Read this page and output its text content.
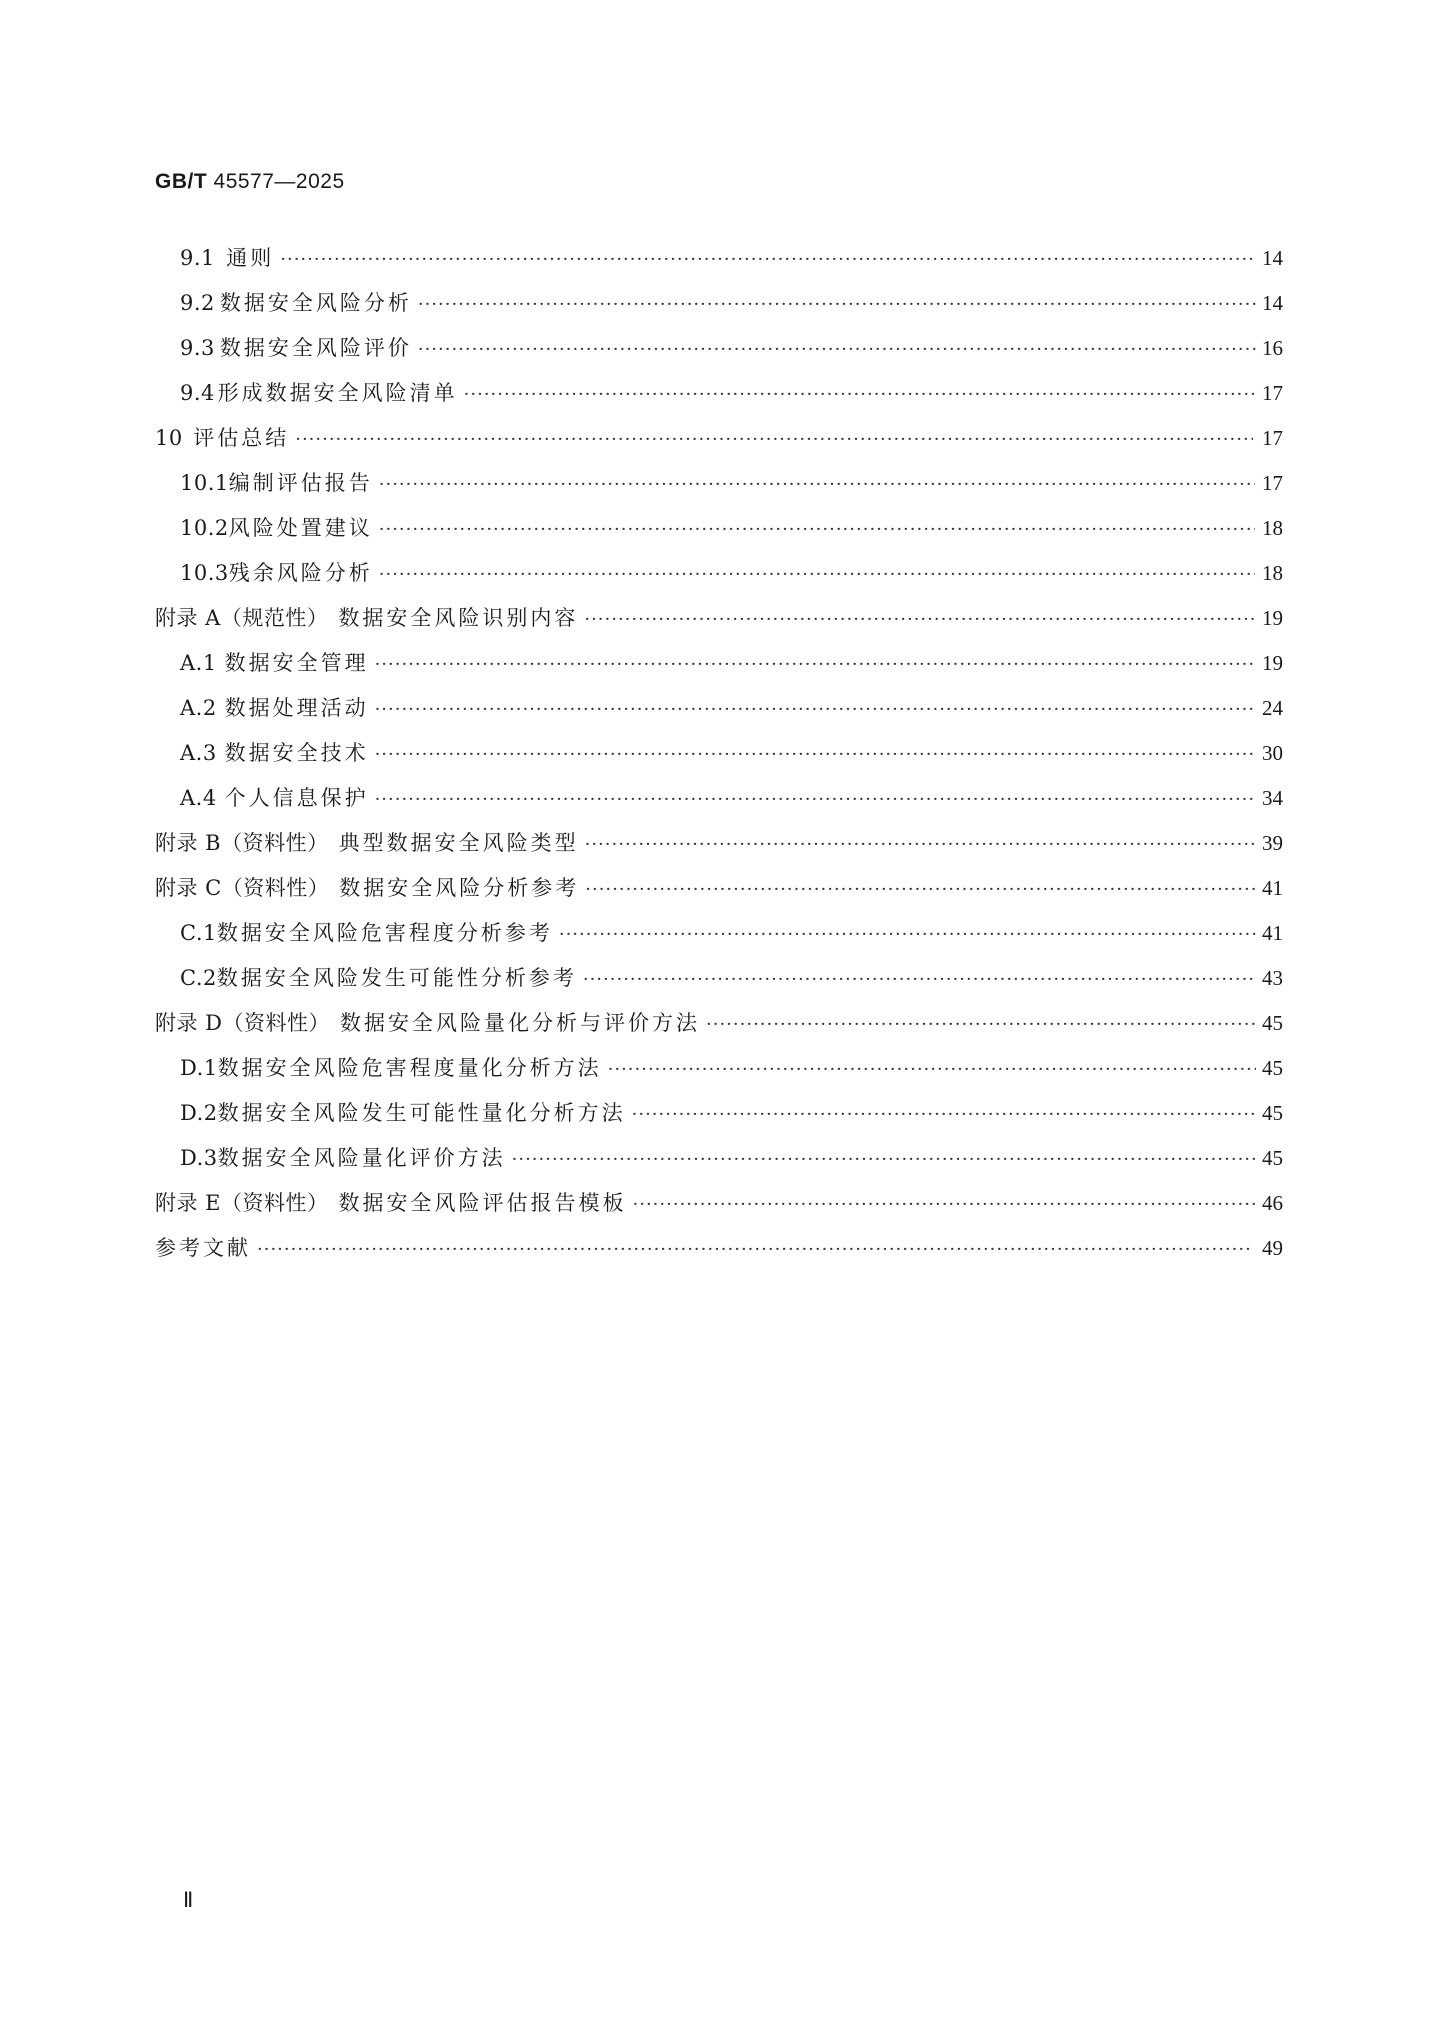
GB/T 45577—2025
9.1 通则 ·····	14
9.2 数据安全风险分析 ·····	14
9.3 数据安全风险评价 ·····	16
9.4 形成数据安全风险清单 ·····	17
10 评估总结 ·····	17
10.1 编制评估报告 ·····	17
10.2 风险处置建议 ·····	18
10.3 残余风险分析 ·····	18
附录 A（规范性） 数据安全风险识别内容 ·····	19
A.1 数据安全管理 ·····	19
A.2 数据处理活动 ·····	24
A.3 数据安全技术 ·····	30
A.4 个人信息保护 ·····	34
附录 B（资料性） 典型数据安全风险类型 ·····	39
附录 C（资料性） 数据安全风险分析参考 ·····	41
C.1 数据安全风险危害程度分析参考 ·····	41
C.2 数据安全风险发生可能性分析参考 ·····	43
附录 D（资料性） 数据安全风险量化分析与评价方法 ·····	45
D.1 数据安全风险危害程度量化分析方法 ·····	45
D.2 数据安全风险发生可能性量化分析方法 ·····	45
D.3 数据安全风险量化评价方法 ·····	45
附录 E（资料性） 数据安全风险评估报告模板 ·····	46
参考文献 ·····	49
Ⅱ
